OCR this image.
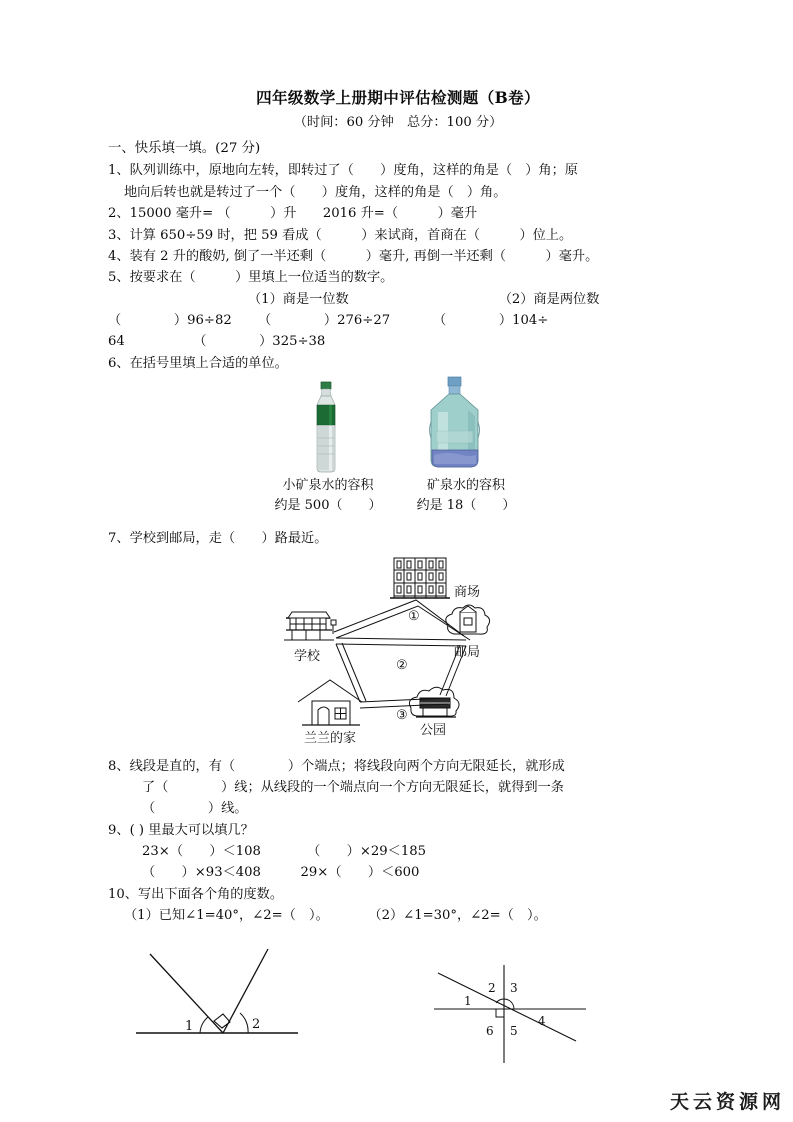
四年级数学上册期中评估检测题（B卷）
（时间：60 分钟　总分：100 分）
一、快乐填一填。(27 分)
1、队列训练中，原地向左转，即转过了（　　）度角，这样的角是（　）角；原
地向后转也就是转过了一个（　　）度角，这样的角是（　）角。
2、15000 毫升= （　　　）升　　2016 升=（　　　）毫升
3、计算 650÷59 时，把 59 看成（　　　）来试商，首商在（　　　）位上。
4、装有 2 升的酸奶, 倒了一半还剩（　　　）毫升, 再倒一半还剩（　　　）毫升。
5、按要求在（　　　）里填上一位适当的数字。
（1）商是一位数	（2）商是两位数
（　　　　）96÷82	（　　　　）276÷27	（　　　　）104÷
64	（　　　　）325÷38
6、在括号里填上合适的单位。
小矿泉水的容积
约是 500（　　）
矿泉水的容积
约是 18（　　）
7、学校到邮局，走（　　）路最近。
①
②
③
商场
学校	邮局
兰兰的家
公园
8、线段是直的，有（　　　　）个端点；将线段向两个方向无限延长，就形成
了（　　　　）线；从线段的一个端点向一个方向无限延长，就得到一条
（　　　　）线。
9、( ) 里最大可以填几？
23×（　　）＜108　　　　（　　）×29＜185
（　　）×93＜408　　　29×（　　）＜600
10、写出下面各个角的度数。
（1）已知∠1=40°，∠2=（　）。　　　　（2）∠1=30°，∠2=（　）。
1	2
1
2 3
4
5
6
天云资源网
